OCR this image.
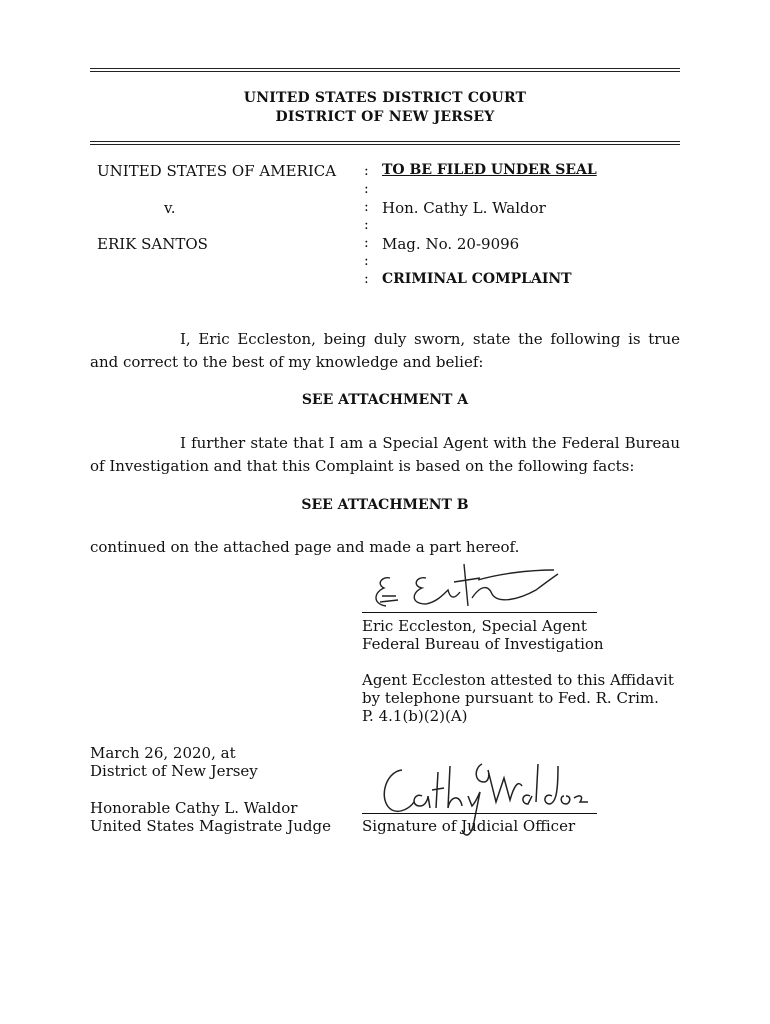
UNITED STATES DISTRICT COURT
DISTRICT OF NEW JERSEY
UNITED STATES OF AMERICA
v.
ERIK SANTOS
:
:
:
:
:
:
:
TO BE FILED UNDER SEAL
Hon. Cathy L. Waldor
Mag. No. 20-9096
CRIMINAL COMPLAINT
I, Eric Eccleston, being duly sworn, state the following is true and correct to the best of my knowledge and belief:
SEE ATTACHMENT A
I further state that I am a Special Agent with the Federal Bureau of Investigation and that this Complaint is based on the following facts:
SEE ATTACHMENT B
continued on the attached page and made a part hereof.
Eric Eccleston, Special Agent
Federal Bureau of Investigation
Agent Eccleston attested to this Affidavit
by telephone pursuant to Fed. R. Crim.
P. 4.1(b)(2)(A)
March 26, 2020, at
District of New Jersey
Honorable Cathy L. Waldor
United States Magistrate Judge Signature of Judicial Officer
